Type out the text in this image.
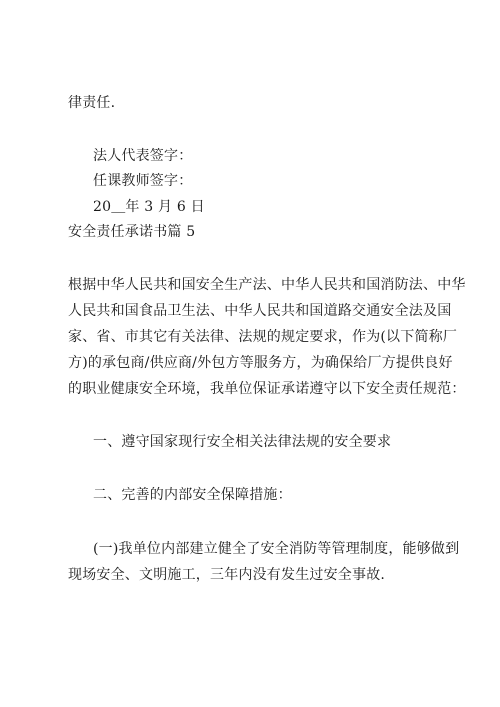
律责任.
法人代表签字：
任课教师签字：
20＿年 3 月 6 日
安全责任承诺书篇 5
根据中华人民共和国安全生产法、中华人民共和国消防法、中华
人民共和国食品卫生法、中华人民共和国道路交通安全法及国
家、省、市其它有关法律、法规的规定要求，作为(以下简称厂
方)的承包商/供应商/外包方等服务方，为确保给厂方提供良好
的职业健康安全环境，我单位保证承诺遵守以下安全责任规范：
一、遵守国家现行安全相关法律法规的安全要求
二、完善的内部安全保障措施：
(一)我单位内部建立健全了安全消防等管理制度，能够做到
现场安全、文明施工，三年内没有发生过安全事故.
